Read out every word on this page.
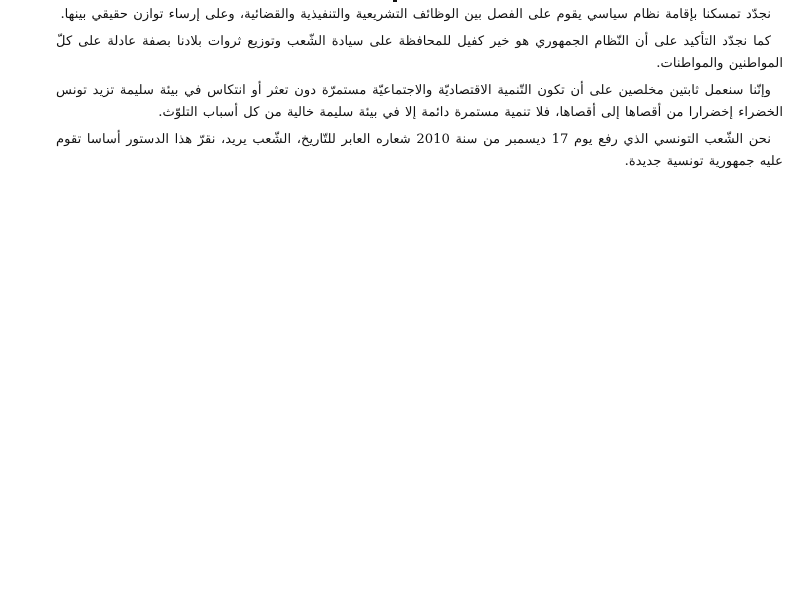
نجدّد تمسكنا بإقامة نظام سياسي يقوم على الفصل بين الوظائف التشريعية والتنفيذية والقضائية، وعلى إرساء توازن حقيقي بينها.

كما نجدّد التأكيد على أن النّظام الجمهوري هو خير كفيل للمحافظة على سيادة الشّعب وتوزيع ثروات بلادنا بصفة عادلة على كلّ المواطنين والمواطنات.

وإنّنا سنعمل ثابتين مخلصين على أن تكون التّنمية الاقتصاديّة والاجتماعيّة مستمرّة دون تعثر أو انتكاس في بيئة سليمة تزيد تونس الخضراء إخضرارا من أقصاها إلى أقصاها، فلا تنمية مستمرة دائمة إلا في بيئة سليمة خالية من كل أسباب التلوّث.

نحن الشّعب التونسي الذي رفع يوم 17 ديسمبر من سنة 2010 شعاره العابر للتّاريخ، الشّعب يريد، نقرّ هذا الدستور أساسا تقوم عليه جمهورية تونسية جديدة.
